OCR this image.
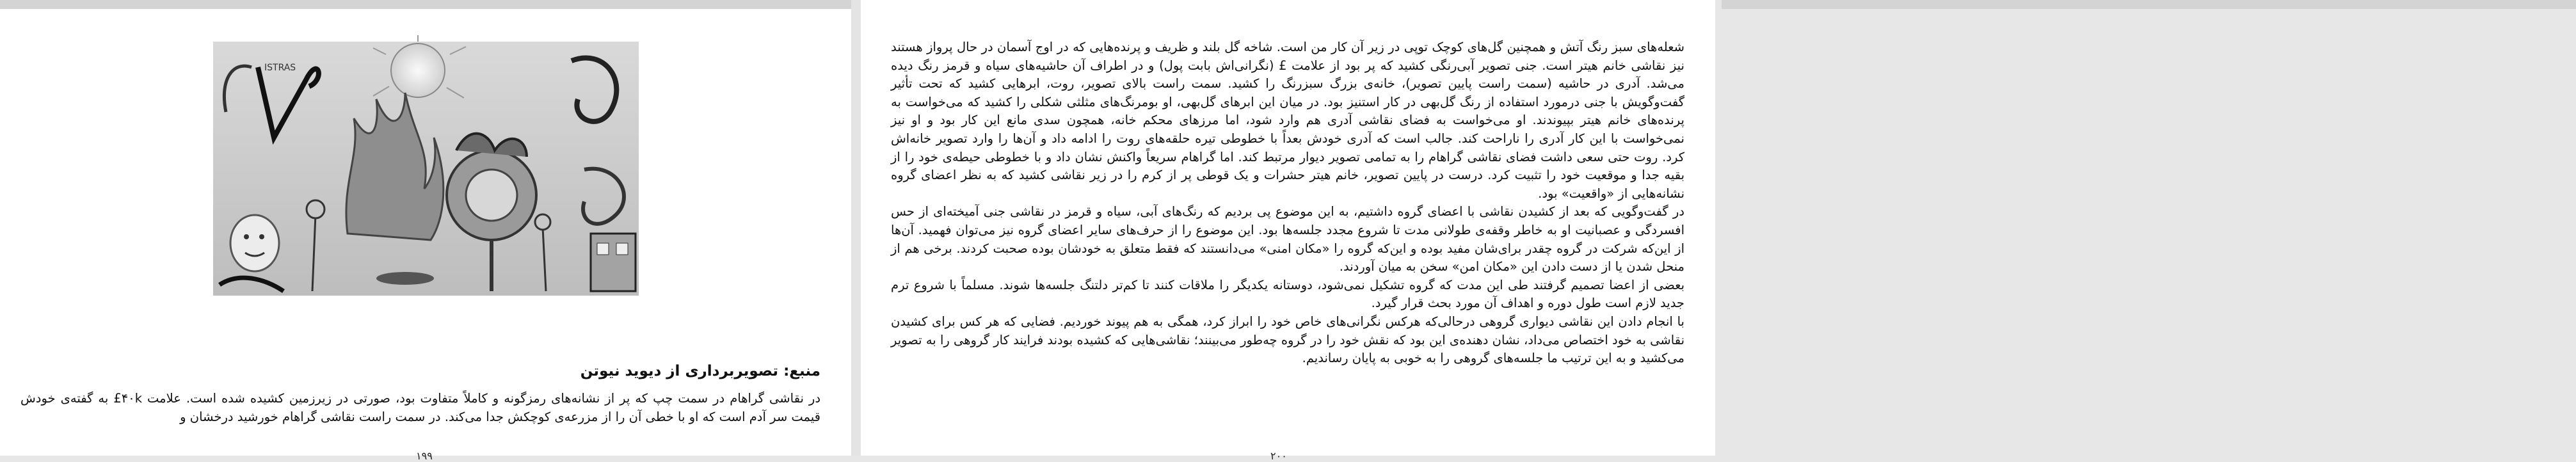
ISTRAS
منبع: تصویربرداری از دیوید نیوتن
در نقاشی گراهام در سمت چپ که پر از نشانه‌های رمزگونه و کاملاً متفاوت بود، صورتی در زیرزمین کشیده شده است. علامت ۴۰k£ به گفته‌ی خودش قیمت سر آدم است که او با خطی آن را از مزرعه‌ی کوچکش جدا می‌کند. در سمت راست نقاشی گراهام خورشید درخشان و
۱۹۹

شعله‌های سبز رنگ آتش و همچنین گل‌های کوچک توپی در زیر آن کار من است. شاخه گل بلند و ظریف و پرنده‌هایی که در اوج آسمان در حال پرواز هستند نیز نقاشی خانم هیتر است. جنی تصویر آبی‌رنگی کشید که پر بود از علامت £ (نگرانی‌اش بابت پول) و در اطراف آن حاشیه‌های سیاه و قرمز رنگ دیده می‌شد. آدری در حاشیه (سمت راست پایین تصویر)، خانه‌ی بزرگ سبزرنگ را کشید. سمت راست بالای تصویر، روت، ابرهایی کشید که تحت تأثیر گفت‌وگویش با جنی درمورد استفاده از رنگ گل‌بهی در کار استنیز بود. در میان این ابرهای گل‌بهی، او بومرنگ‌های مثلثی شکلی را کشید که می‌خواست به پرنده‌های خانم هیتر بپیوندند. او می‌خواست به فضای نقاشی آدری هم وارد شود، اما مرزهای محکم خانه، همچون سدی مانع این کار بود و او نیز نمی‌خواست با این کار آدری را ناراحت کند. جالب است که آدری خودش بعداً با خطوطی تیره حلقه‌های روت را ادامه داد و آن‌ها را وارد تصویر خانه‌اش کرد. روت حتی سعی داشت فضای نقاشی گراهام را به تمامی تصویر دیوار مرتبط کند. اما گراهام سریعاً واکنش نشان داد و با خطوطی حیطه‌ی خود را از بقیه جدا و موقعیت خود را تثبیت کرد. درست در پایین تصویر، خانم هیتر حشرات و یک قوطی پر از کرم را در زیر نقاشی کشید که به نظر اعضای گروه نشانه‌هایی از «واقعیت» بود.

در گفت‌وگویی که بعد از کشیدن نقاشی با اعضای گروه داشتیم، به این موضوع پی بردیم که رنگ‌های آبی، سیاه و قرمز در نقاشی جنی آمیخته‌ای از حس افسردگی و عصبانیت او به خاطر وقفه‌ی طولانی مدت تا شروع مجدد جلسه‌ها بود. این موضوع را از حرف‌های سایر اعضای گروه نیز می‌توان فهمید. آن‌ها از این‌که شرکت در گروه چقدر برای‌شان مفید بوده و این‌که گروه را «مکان امنی» می‌دانستند که فقط متعلق به خودشان بوده صحبت کردند. برخی هم از منحل شدن یا از دست دادن این «مکان امن» سخن به میان آوردند.

بعضی از اعضا تصمیم گرفتند طی این مدت که گروه تشکیل نمی‌شود، دوستانه یکدیگر را ملاقات کنند تا کم‌تر دلتنگ جلسه‌ها شوند. مسلماً با شروع ترم جدید لازم است طول دوره و اهداف آن مورد بحث قرار گیرد.

با انجام دادن این نقاشی دیواری گروهی درحالی‌که هرکس نگرانی‌های خاص خود را ابراز کرد، همگی به هم پیوند خوردیم. فضایی که هر کس برای کشیدن نقاشی به خود اختصاص می‌داد، نشان دهنده‌ی این بود که نقش خود را در گروه چه‌طور می‌بینند؛ نقاشی‌هایی که کشیده بودند فرایند کار گروهی را به تصویر می‌کشید و به این ترتیب ما جلسه‌های گروهی را به خوبی به پایان رساندیم.

۲۰۰
